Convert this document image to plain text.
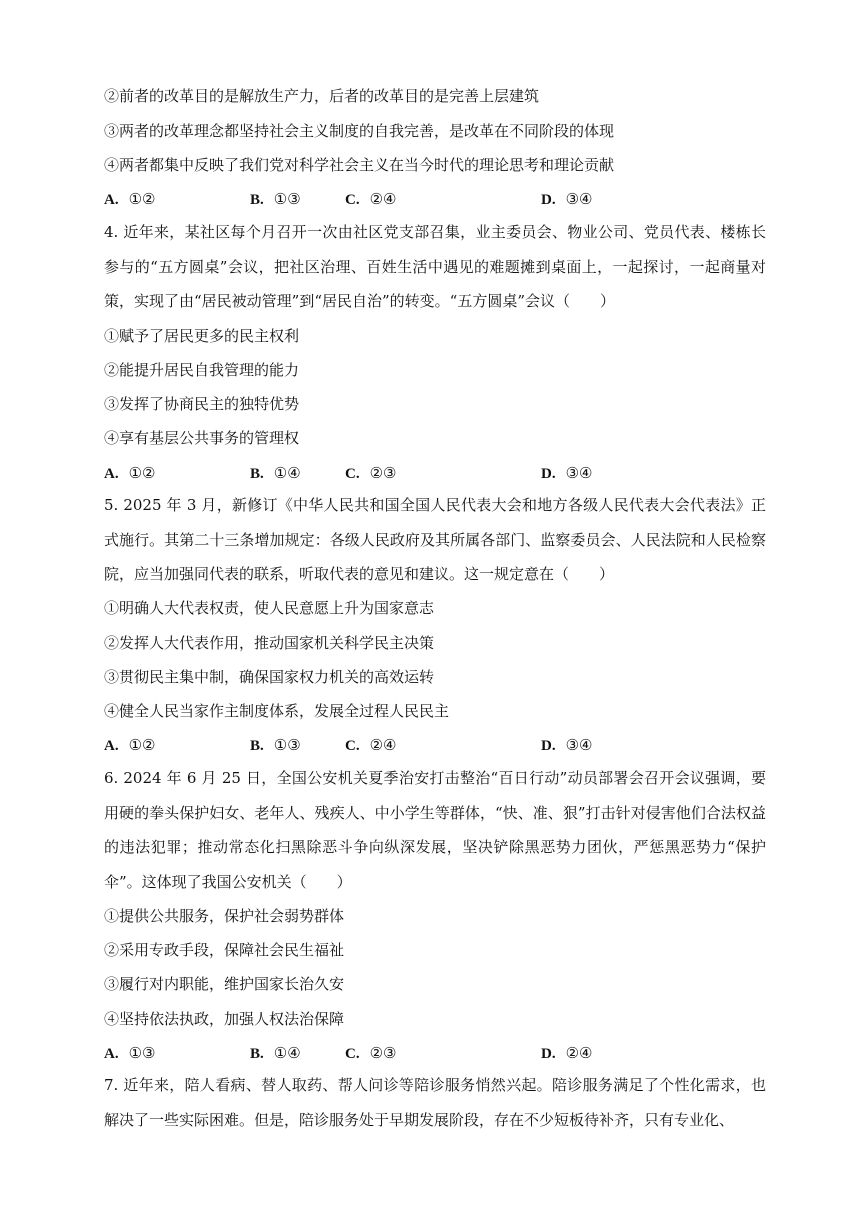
②前者的改革目的是解放生产力，后者的改革目的是完善上层建筑
③两者的改革理念都坚持社会主义制度的自我完善，是改革在不同阶段的体现
④两者都集中反映了我们党对科学社会主义在当今时代的理论思考和理论贡献
A. ①②	B. ①③	C. ②④	D. ③④
4. 近年来，某社区每个月召开一次由社区党支部召集，业主委员会、物业公司、党员代表、楼栋长参与的“五方圆桌”会议，把社区治理、百姓生活中遇见的难题摊到桌面上，一起探讨，一起商量对策，实现了由“居民被动管理”到“居民自治”的转变。“五方圆桌”会议（　　）
①赋予了居民更多的民主权利
②能提升居民自我管理的能力
③发挥了协商民主的独特优势
④享有基层公共事务的管理权
A. ①②	B. ①④	C. ②③	D. ③④
5. 2025 年 3 月，新修订《中华人民共和国全国人民代表大会和地方各级人民代表大会代表法》正式施行。其第二十三条增加规定：各级人民政府及其所属各部门、监察委员会、人民法院和人民检察院，应当加强同代表的联系，听取代表的意见和建议。这一规定意在（　　）
①明确人大代表权责，使人民意愿上升为国家意志
②发挥人大代表作用，推动国家机关科学民主决策
③贯彻民主集中制，确保国家权力机关的高效运转
④健全人民当家作主制度体系，发展全过程人民民主
A. ①②	B. ①③	C. ②④	D. ③④
6. 2024 年 6 月 25 日，全国公安机关夏季治安打击整治“百日行动”动员部署会召开会议强调，要用硬的拳头保护妇女、老年人、残疾人、中小学生等群体，“快、准、狠”打击针对侵害他们合法权益的违法犯罪；推动常态化扫黑除恶斗争向纵深发展，坚决铲除黑恶势力团伙，严惩黑恶势力“保护伞”。这体现了我国公安机关（　　）
①提供公共服务，保护社会弱势群体
②采用专政手段，保障社会民生福祉
③履行对内职能，维护国家长治久安
④坚持依法执政，加强人权法治保障
A. ①③	B. ①④	C. ②③	D. ②④
7. 近年来，陪人看病、替人取药、帮人问诊等陪诊服务悄然兴起。陪诊服务满足了个性化需求，也解决了一些实际困难。但是，陪诊服务处于早期发展阶段，存在不少短板待补齐，只有专业化、
